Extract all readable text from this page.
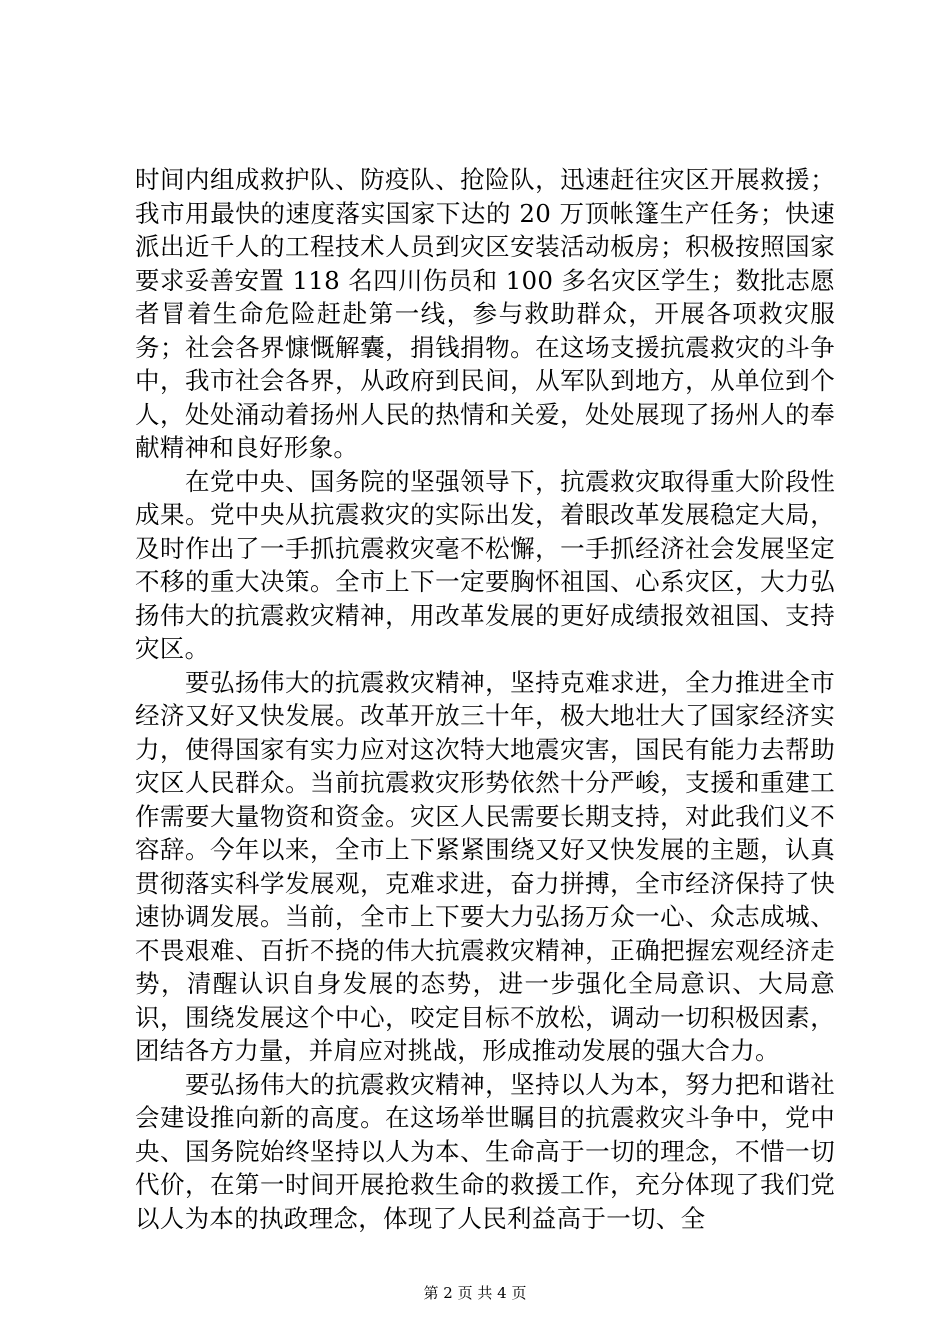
时间内组成救护队、防疫队、抢险队，迅速赶往灾区开展救援；我市用最快的速度落实国家下达的 20 万顶帐篷生产任务；快速派出近千人的工程技术人员到灾区安装活动板房；积极按照国家要求妥善安置 118 名四川伤员和 100 多名灾区学生；数批志愿者冒着生命危险赶赴第一线，参与救助群众，开展各项救灾服务；社会各界慷慨解囊，捐钱捐物。在这场支援抗震救灾的斗争中，我市社会各界，从政府到民间，从军队到地方，从单位到个人，处处涌动着扬州人民的热情和关爱，处处展现了扬州人的奉献精神和良好形象。

在党中央、国务院的坚强领导下，抗震救灾取得重大阶段性成果。党中央从抗震救灾的实际出发，着眼改革发展稳定大局，及时作出了一手抓抗震救灾毫不松懈，一手抓经济社会发展坚定不移的重大决策。全市上下一定要胸怀祖国、心系灾区，大力弘扬伟大的抗震救灾精神，用改革发展的更好成绩报效祖国、支持灾区。

要弘扬伟大的抗震救灾精神，坚持克难求进，全力推进全市经济又好又快发展。改革开放三十年，极大地壮大了国家经济实力，使得国家有实力应对这次特大地震灾害，国民有能力去帮助灾区人民群众。当前抗震救灾形势依然十分严峻，支援和重建工作需要大量物资和资金。灾区人民需要长期支持，对此我们义不容辞。今年以来，全市上下紧紧围绕又好又快发展的主题，认真贯彻落实科学发展观，克难求进，奋力拼搏，全市经济保持了快速协调发展。当前，全市上下要大力弘扬万众一心、众志成城、不畏艰难、百折不挠的伟大抗震救灾精神，正确把握宏观经济走势，清醒认识自身发展的态势，进一步强化全局意识、大局意识，围绕发展这个中心，咬定目标不放松，调动一切积极因素，团结各方力量，并肩应对挑战，形成推动发展的强大合力。

要弘扬伟大的抗震救灾精神，坚持以人为本，努力把和谐社会建设推向新的高度。在这场举世瞩目的抗震救灾斗争中，党中央、国务院始终坚持以人为本、生命高于一切的理念，不惜一切代价，在第一时间开展抢救生命的救援工作，充分体现了我们党以人为本的执政理念，体现了人民利益高于一切、全

第 2 页 共 4 页
